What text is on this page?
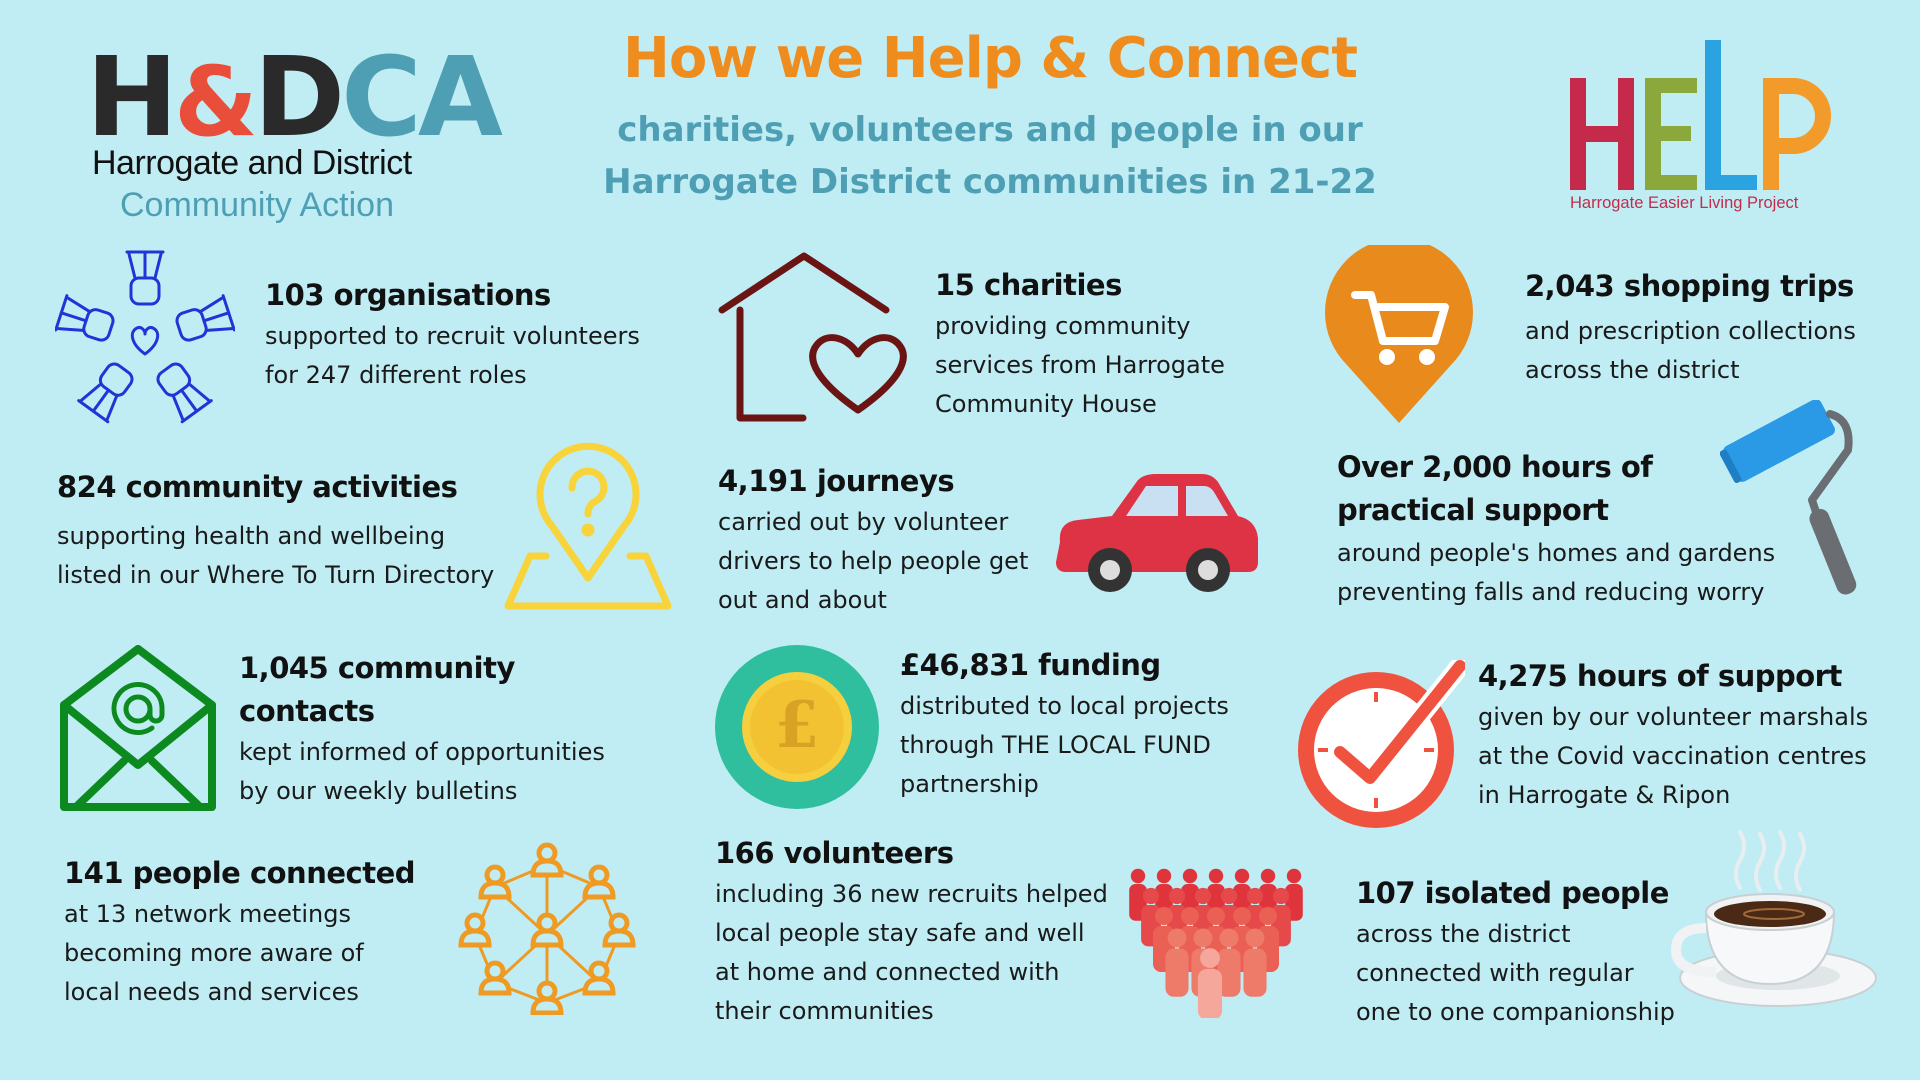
H&DCA
Harrogate and District
Community Action
How we Help & Connect
charities, volunteers and people in our
Harrogate District communities in 21-22
Harrogate Easier Living Project
103 organisations
supported to recruit volunteers
for 247 different roles
15 charities
providing community
services from Harrogate
Community House
2,043 shopping trips
and prescription collections
across the district
824 community activities
supporting health and wellbeing
listed in our Where To Turn Directory
4,191 journeys
carried out by volunteer
drivers to help people get
out and about
Over 2,000 hours of
practical support
around people's homes and gardens
preventing falls and reducing worry
1,045 community
contacts
kept informed of opportunities
by our weekly bulletins
£
£46,831 funding
distributed to local projects
through THE LOCAL FUND
partnership
4,275 hours of support
given by our volunteer marshals
at the Covid vaccination centres
in Harrogate & Ripon
141 people connected
at 13 network meetings
becoming more aware of
local needs and services
166 volunteers
including 36 new recruits helped
local people stay safe and well
at home and connected with
their communities
107 isolated people
across the district
connected with regular
one to one companionship
